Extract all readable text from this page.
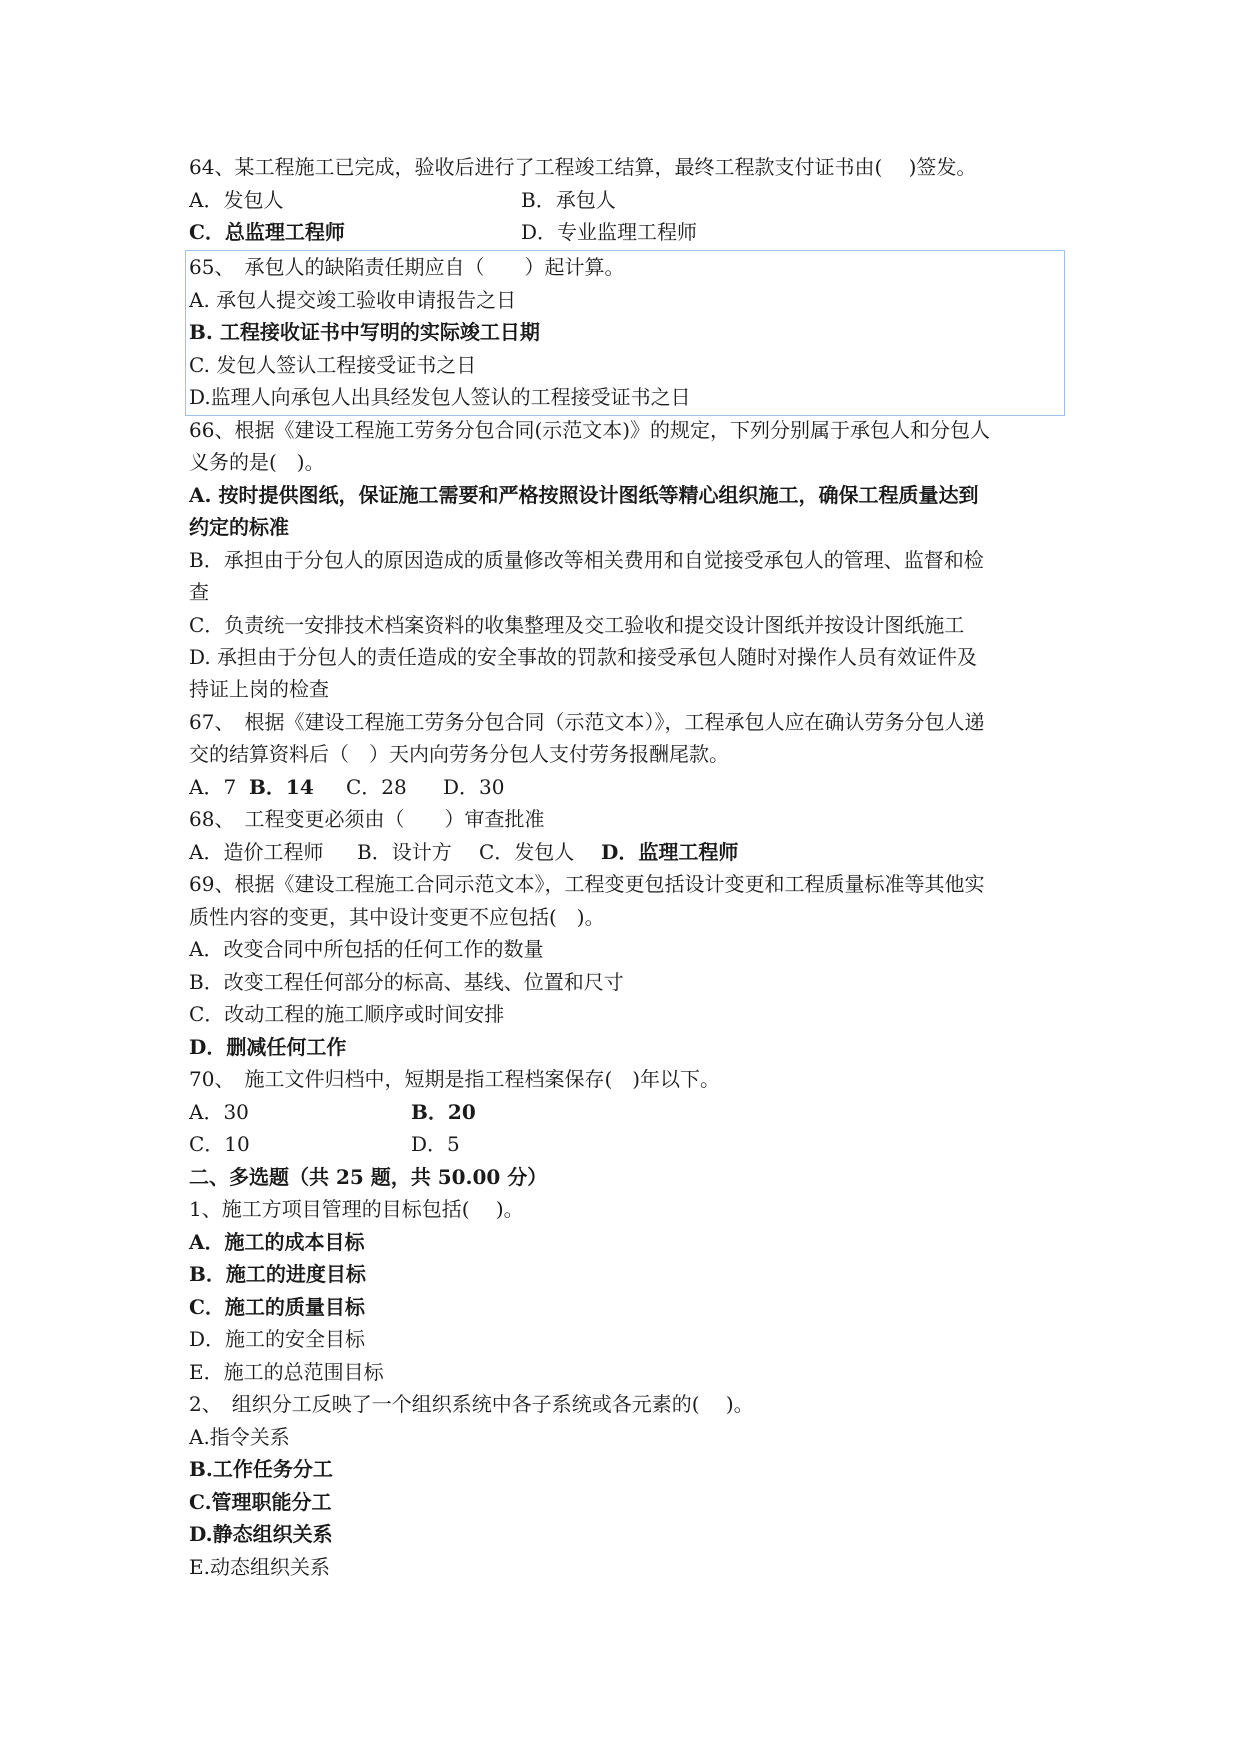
64、某工程施工已完成，验收后进行了工程竣工结算，最终工程款支付证书由(　 )签发。
A．发包人	B．承包人
C．总监理工程师	D．专业监理工程师
65、　承包人的缺陷责任期应自（　　）起计算。
A. 承包人提交竣工验收申请报告之日
B. 工程接收证书中写明的实际竣工日期
C. 发包人签认工程接受证书之日
D.监理人向承包人出具经发包人签认的工程接受证书之日
66、根据《建设工程施工劳务分包合同(示范文本)》的规定，下列分别属于承包人和分包人
义务的是(　)。
A. 按时提供图纸，保证施工需要和严格按照设计图纸等精心组织施工，确保工程质量达到
约定的标准
B．承担由于分包人的原因造成的质量修改等相关费用和自觉接受承包人的管理、监督和检
查
C．负责统一安排技术档案资料的收集整理及交工验收和提交设计图纸并按设计图纸施工
D. 承担由于分包人的责任造成的安全事故的罚款和接受承包人随时对操作人员有效证件及
持证上岗的检查
67、　根据《建设工程施工劳务分包合同（示范文本）》，工程承包人应在确认劳务分包人递
交的结算资料后（　）天内向劳务分包人支付劳务报酬尾款。
A．7 B．14 C．28 D．30
68、　工程变更必须由（　　）审查批准
A．造价工程师 B．设计方 C．发包人 D．监理工程师
69、根据《建设工程施工合同示范文本》，工程变更包括设计变更和工程质量标准等其他实
质性内容的变更，其中设计变更不应包括(　)。
A．改变合同中所包括的任何工作的数量
B．改变工程任何部分的标高、基线、位置和尺寸
C．改动工程的施工顺序或时间安排
D．删减任何工作
70、　施工文件归档中，短期是指工程档案保存(　)年以下。
A．30	B．20
C．10	D．5
二、多选题（共 25 题，共 50.00 分）
1、施工方项目管理的目标包括(　 )。
A．施工的成本目标
B．施工的进度目标
C．施工的质量目标
D．施工的安全目标
E．施工的总范围目标
2、　组织分工反映了一个组织系统中各子系统或各元素的(　 )。
A.指令关系
B.工作任务分工
C.管理职能分工
D.静态组织关系
E.动态组织关系
